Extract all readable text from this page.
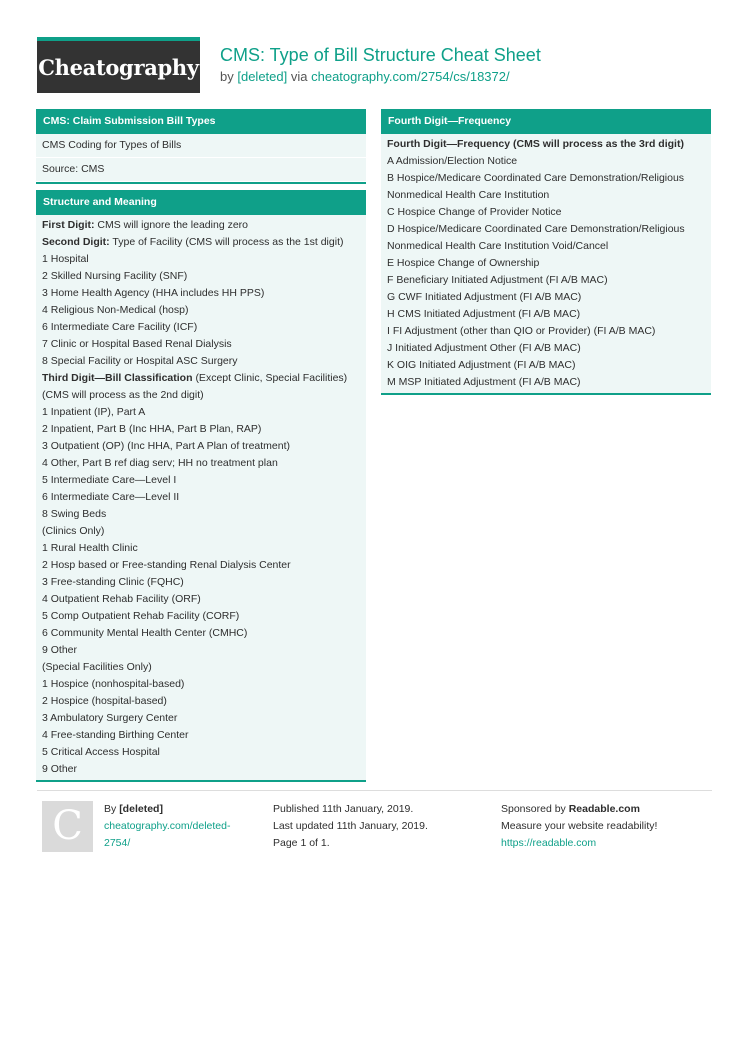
Cheatography CMS: Type of Bill Structure Cheat Sheet
by [deleted] via cheatography.com/2754/cs/18372/
CMS: Claim Submission Bill Types
CMS Coding for Types of Bills
Source: CMS
Structure and Meaning
First Digit: CMS will ignore the leading zero
Second Digit: Type of Facility (CMS will process as the 1st digit)
1 Hospital
2 Skilled Nursing Facility (SNF)
3 Home Health Agency (HHA includes HH PPS)
4 Religious Non-Medical (hosp)
6 Intermediate Care Facility (ICF)
7 Clinic or Hospital Based Renal Dialysis
8 Special Facility or Hospital ASC Surgery
Third Digit—Bill Classification (Except Clinic, Special Facilities)
(CMS will process as the 2nd digit)
1 Inpatient (IP), Part A
2 Inpatient, Part B (Inc HHA, Part B Plan, RAP)
3 Outpatient (OP) (Inc HHA, Part A Plan of treatment)
4 Other, Part B ref diag serv; HH no treatment plan
5 Intermediate Care—Level I
6 Intermediate Care—Level II
8 Swing Beds
(Clinics Only)
1 Rural Health Clinic
2 Hosp based or Free-standing Renal Dialysis Center
3 Free-standing Clinic (FQHC)
4 Outpatient Rehab Facility (ORF)
5 Comp Outpatient Rehab Facility (CORF)
6 Community Mental Health Center (CMHC)
9 Other
(Special Facilities Only)
1 Hospice (nonhospital-based)
2 Hospice (hospital-based)
3 Ambulatory Surgery Center
4 Free-standing Birthing Center
5 Critical Access Hospital
9 Other
Fourth Digit—Frequency
Fourth Digit—Frequency (CMS will process as the 3rd digit)
A Admission/Election Notice
B Hospice/Medicare Coordinated Care Demonstration/Religious
Nonmedical Health Care Institution
C Hospice Change of Provider Notice
D Hospice/Medicare Coordinated Care Demonstration/Religious
Nonmedical Health Care Institution Void/Cancel
E Hospice Change of Ownership
F Beneficiary Initiated Adjustment (FI A/B MAC)
G CWF Initiated Adjustment (FI A/B MAC)
H CMS Initiated Adjustment (FI A/B MAC)
I FI Adjustment (other than QIO or Provider) (FI A/B MAC)
J Initiated Adjustment Other (FI A/B MAC)
K OIG Initiated Adjustment (FI A/B MAC)
M MSP Initiated Adjustment (FI A/B MAC)
C	By [deleted]
cheatography.com/deleted-
2754/
Published 11th January, 2019.
Last updated 11th January, 2019.
Page 1 of 1.
Sponsored by Readable.com
Measure your website readability!
https://readable.com
